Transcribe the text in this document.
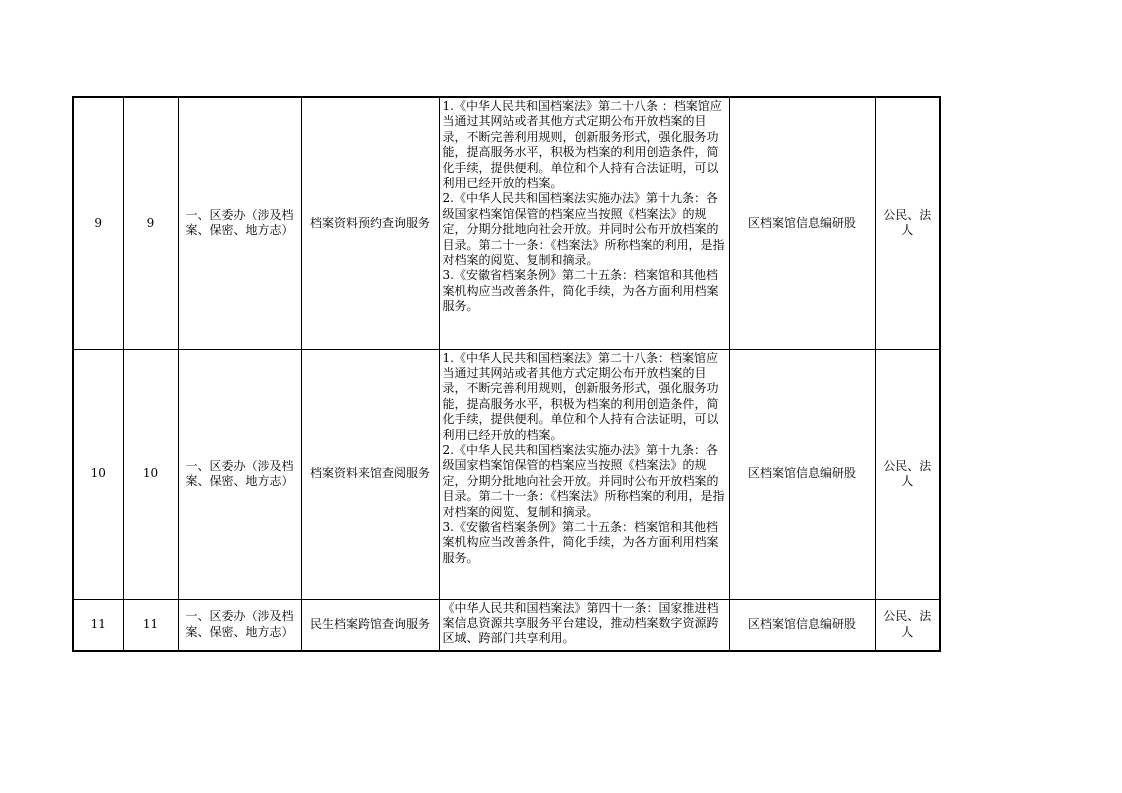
9	9	一、区委办（涉及档案、保密、地方志）	档案资料预约查询服务	1.《中华人民共和国档案法》第二十八条 ：档案馆应当通过其网站或者其他方式定期公布开放档案的目录，不断完善利用规则，创新服务形式，强化服务功能，提高服务水平，积极为档案的利用创造条件，简化手续，提供便利。单位和个人持有合法证明，可以利用已经开放的档案。

2.《中华人民共和国档案法实施办法》第十九条：各级国家档案馆保管的档案应当按照《档案法》的规定，分期分批地向社会开放。并同时公布开放档案的目录。第二十一条：《档案法》所称档案的利用，是指对档案的阅览、复制和摘录。

3.《安徽省档案条例》第二十五条：档案馆和其他档案机构应当改善条件，简化手续，为各方面利用档案服务。	区档案馆信息编研股	公民、法人
10	10	一、区委办（涉及档案、保密、地方志）	档案资料来馆查阅服务	1.《中华人民共和国档案法》第二十八条：档案馆应当通过其网站或者其他方式定期公布开放档案的目录，不断完善利用规则，创新服务形式，强化服务功能，提高服务水平，积极为档案的利用创造条件，简化手续，提供便利。单位和个人持有合法证明，可以利用已经开放的档案。

2.《中华人民共和国档案法实施办法》第十九条：各级国家档案馆保管的档案应当按照《档案法》的规定，分期分批地向社会开放。并同时公布开放档案的目录。第二十一条：《档案法》所称档案的利用，是指对档案的阅览、复制和摘录。

3.《安徽省档案条例》第二十五条：档案馆和其他档案机构应当改善条件，简化手续，为各方面利用档案服务。	区档案馆信息编研股	公民、法人
11	11	一、区委办（涉及档案、保密、地方志）	民生档案跨馆查询服务	《中华人民共和国档案法》第四十一条：国家推进档案信息资源共享服务平台建设，推动档案数字资源跨区域、跨部门共享利用。	区档案馆信息编研股	公民、法人
